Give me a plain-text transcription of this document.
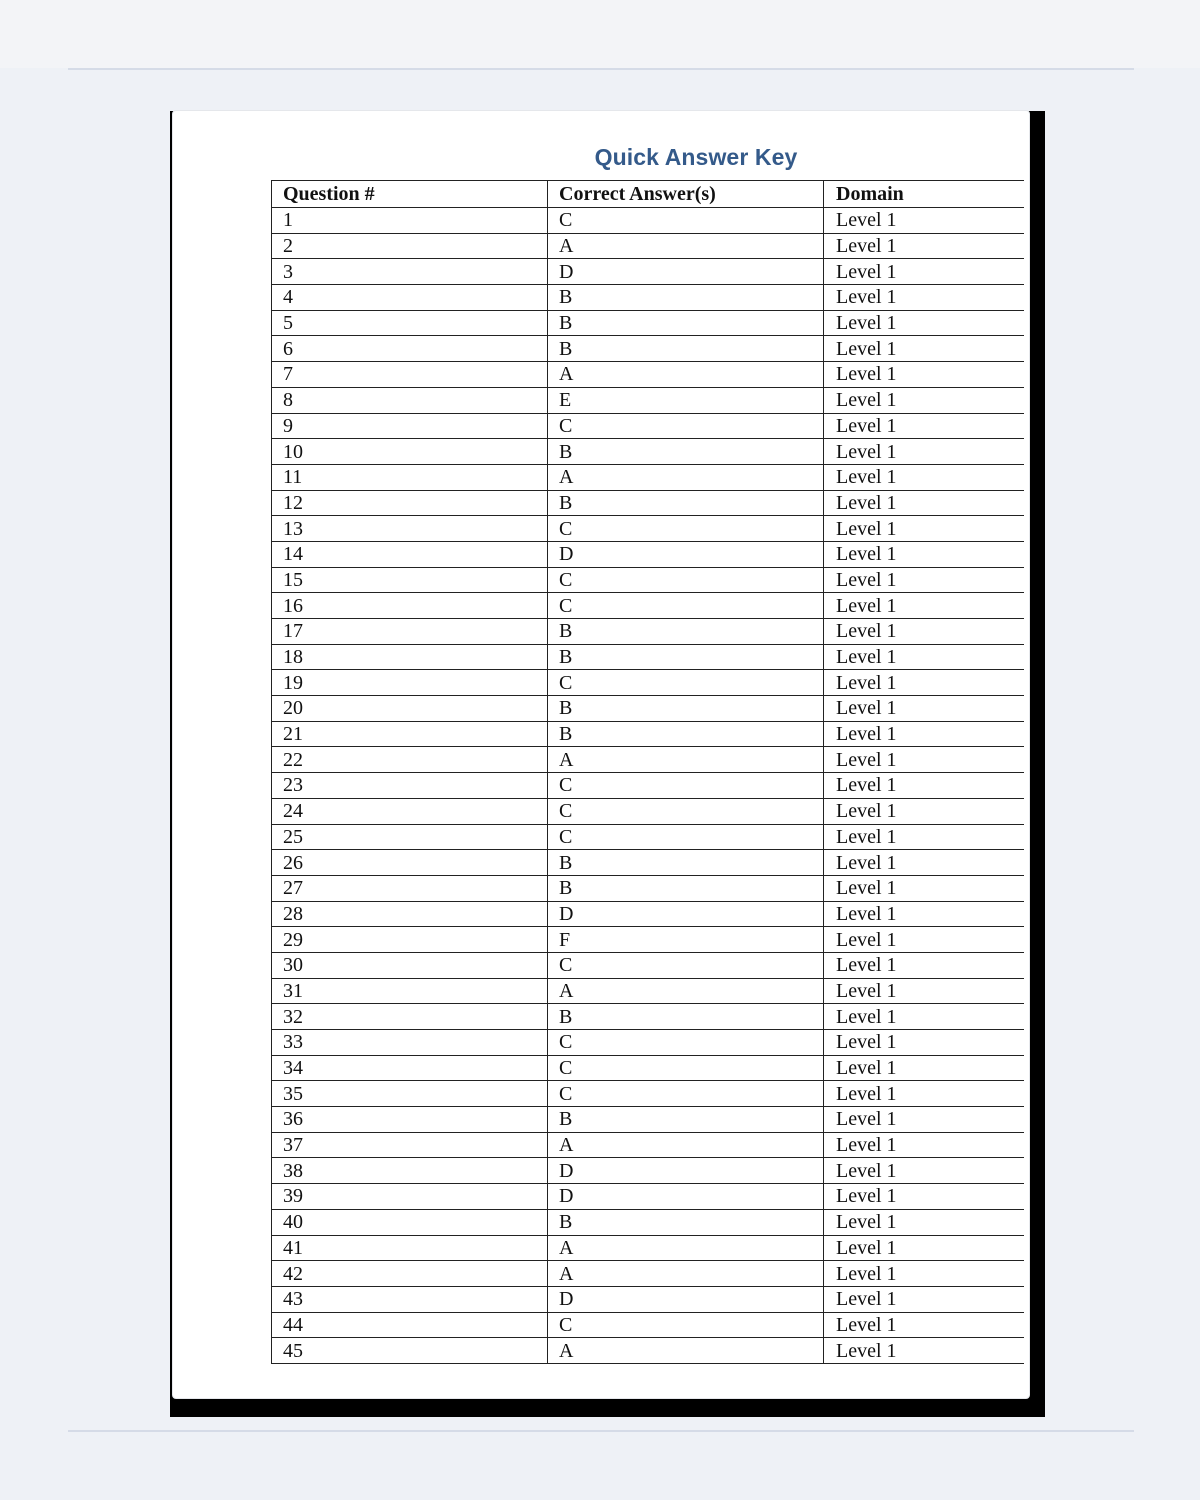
Quick Answer Key
Question #	Correct Answer(s)	Domain
1	C	Level 1
2	A	Level 1
3	D	Level 1
4	B	Level 1
5	B	Level 1
6	B	Level 1
7	A	Level 1
8	E	Level 1
9	C	Level 1
10	B	Level 1
11	A	Level 1
12	B	Level 1
13	C	Level 1
14	D	Level 1
15	C	Level 1
16	C	Level 1
17	B	Level 1
18	B	Level 1
19	C	Level 1
20	B	Level 1
21	B	Level 1
22	A	Level 1
23	C	Level 1
24	C	Level 1
25	C	Level 1
26	B	Level 1
27	B	Level 1
28	D	Level 1
29	F	Level 1
30	C	Level 1
31	A	Level 1
32	B	Level 1
33	C	Level 1
34	C	Level 1
35	C	Level 1
36	B	Level 1
37	A	Level 1
38	D	Level 1
39	D	Level 1
40	B	Level 1
41	A	Level 1
42	A	Level 1
43	D	Level 1
44	C	Level 1
45	A	Level 1
